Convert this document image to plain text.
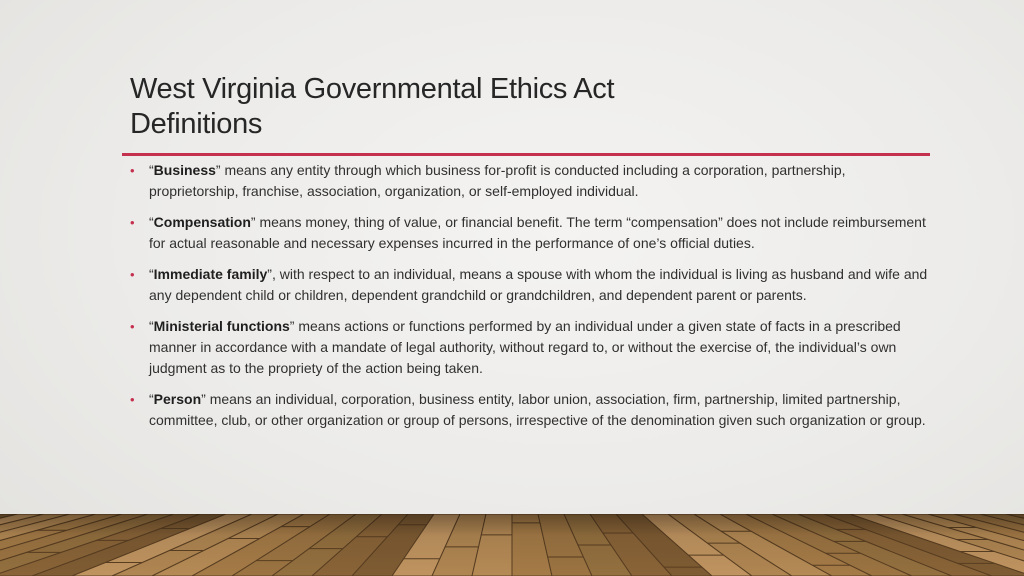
West Virginia Governmental Ethics Act
Definitions
• “Business” means any entity through which business for-profit is conducted including a corporation, partnership, proprietorship, franchise, association, organization, or self-employed individual.
• “Compensation” means money, thing of value, or financial benefit. The term “compensation” does not include reimbursement for actual reasonable and necessary expenses incurred in the performance of one’s official duties.
• “Immediate family”, with respect to an individual, means a spouse with whom the individual is living as husband and wife and any dependent child or children, dependent grandchild or grandchildren, and dependent parent or parents.
• “Ministerial functions” means actions or functions performed by an individual under a given state of facts in a prescribed manner in accordance with a mandate of legal authority, without regard to, or without the exercise of, the individual’s own judgment as to the propriety of the action being taken.
• “Person” means an individual, corporation, business entity, labor union, association, firm, partnership, limited partnership, committee, club, or other organization or group of persons, irrespective of the denomination given such organization or group.
